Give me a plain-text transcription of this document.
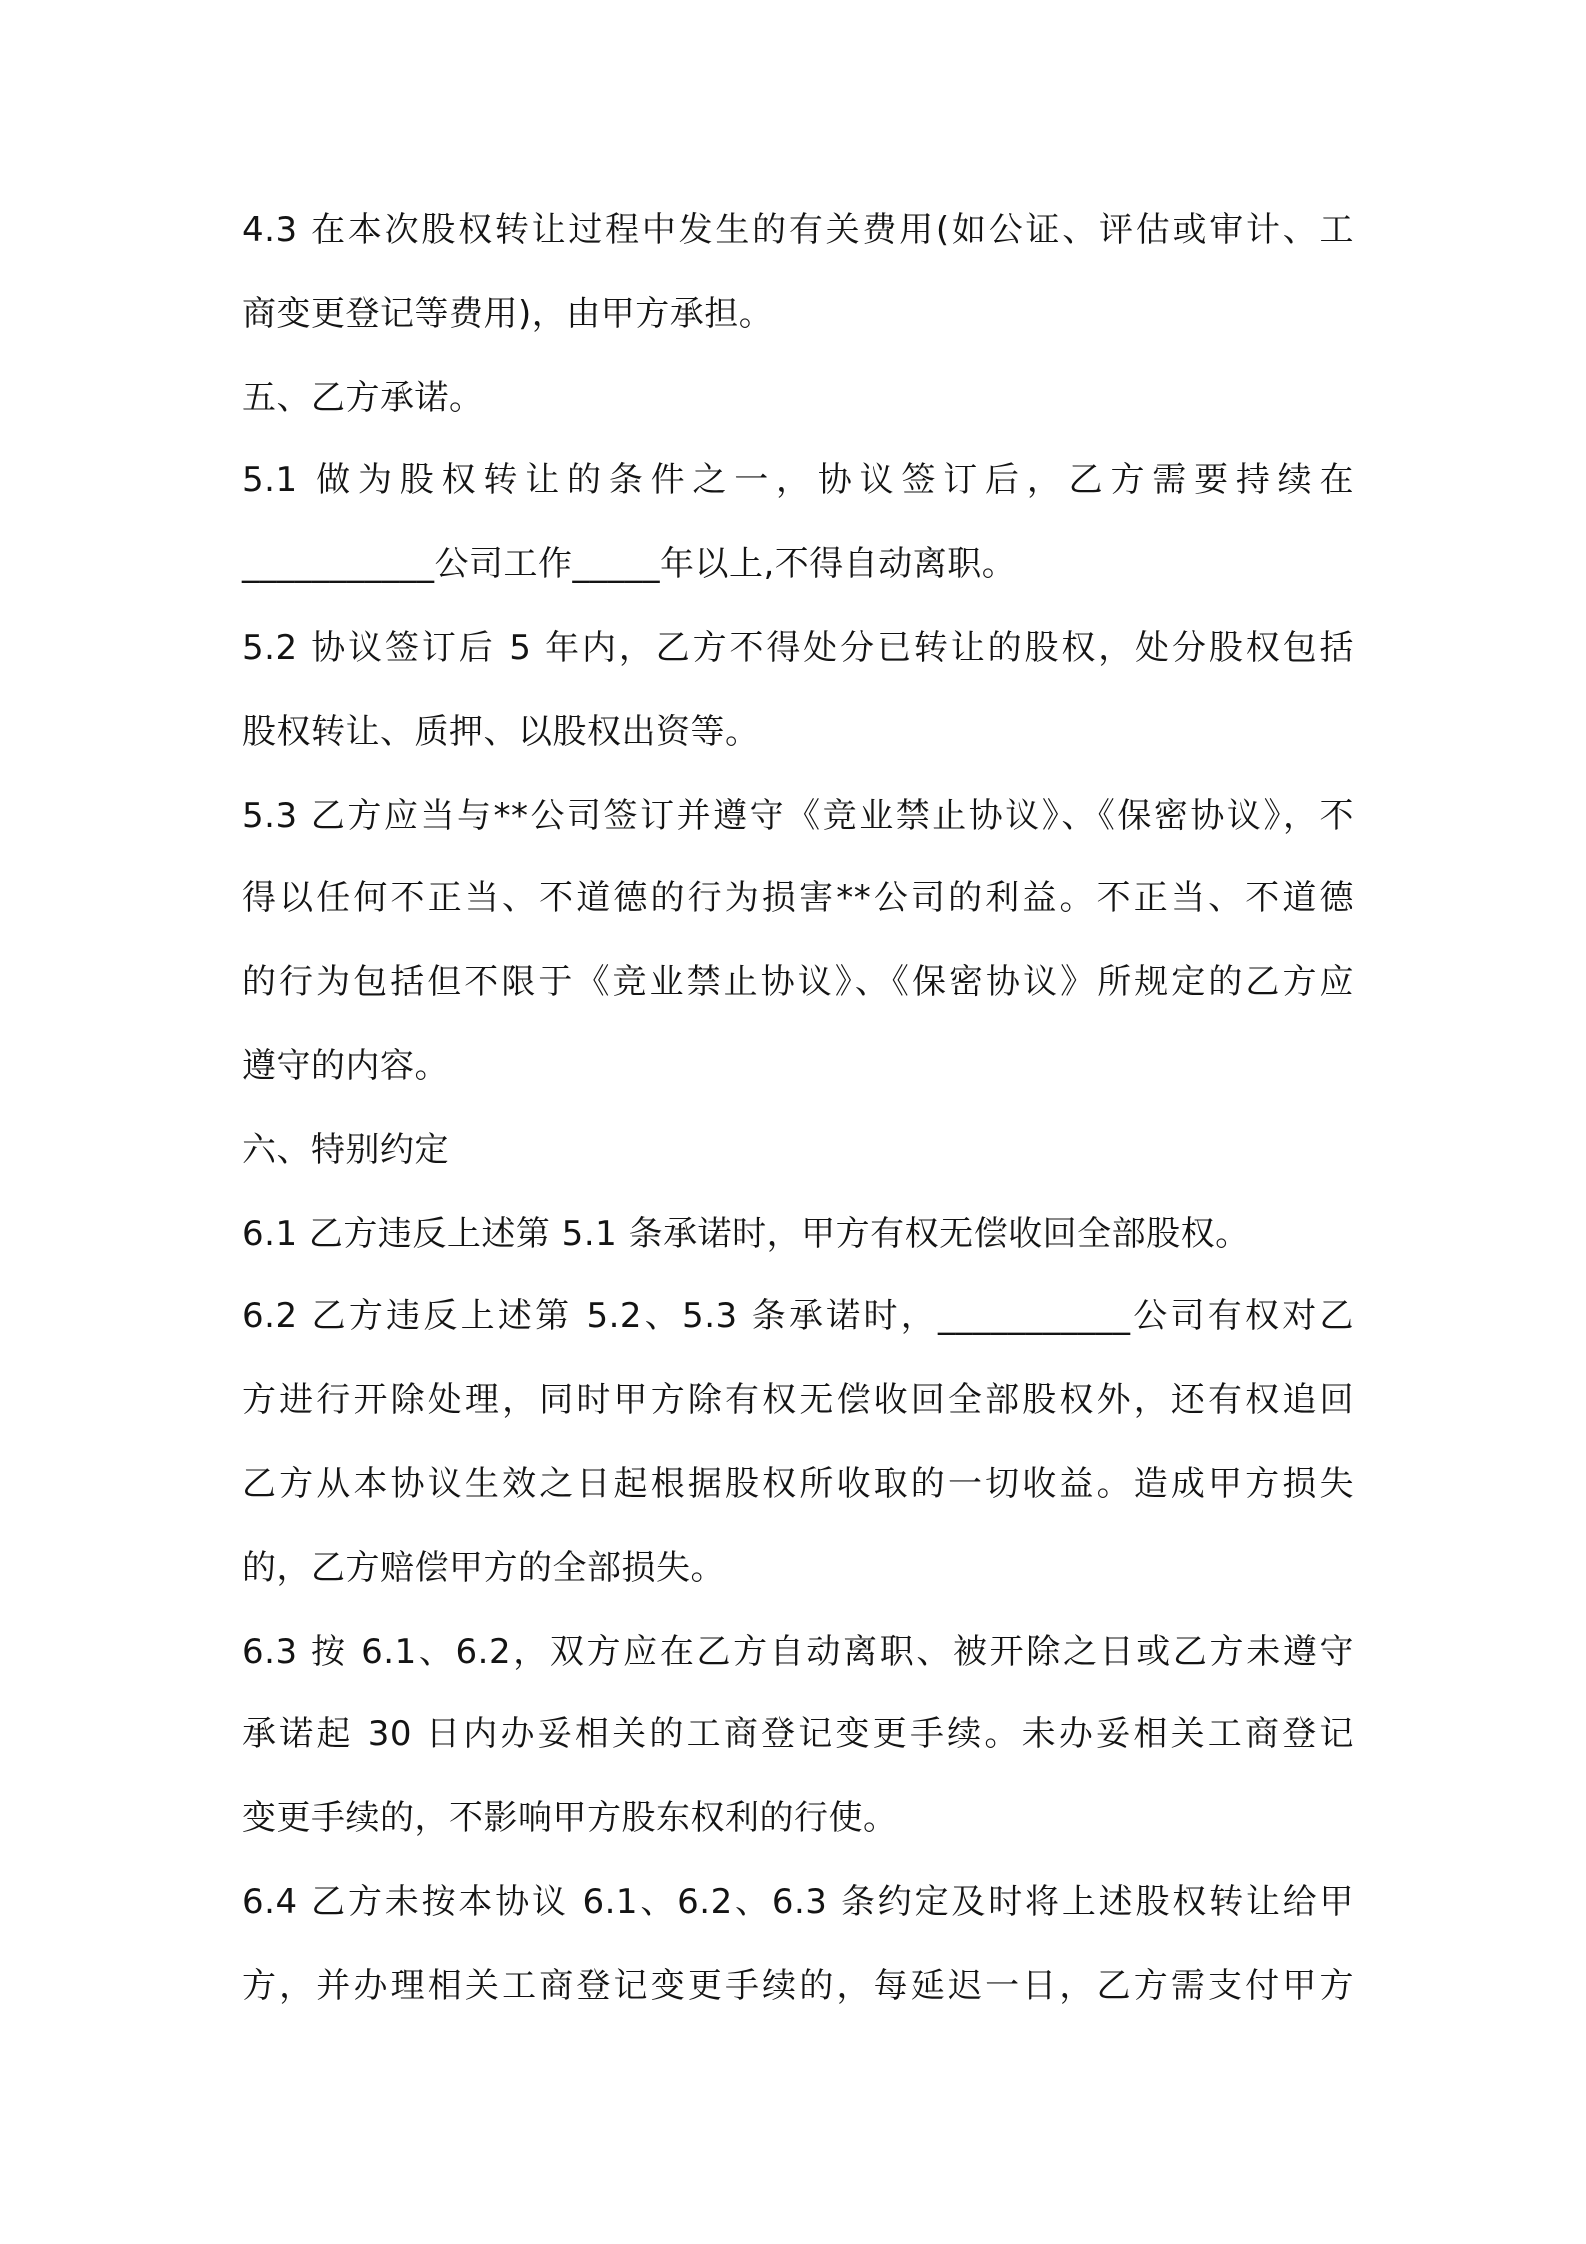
4.3 在本次股权转让过程中发生的有关费用(如公证、评估或审计、工
商变更登记等费用)，由甲方承担。
五、乙方承诺。
5.1 做为股权转让的条件之一，协议签订后，乙方需要持续在
___________公司工作_____年以上,不得自动离职。
5.2 协议签订后 5 年内，乙方不得处分已转让的股权，处分股权包括
股权转让、质押、以股权出资等。
5.3 乙方应当与**公司签订并遵守《竞业禁止协议》、《保密协议》，不
得以任何不正当、不道德的行为损害**公司的利益。不正当、不道德
的行为包括但不限于《竞业禁止协议》、《保密协议》所规定的乙方应
遵守的内容。
六、特别约定
6.1 乙方违反上述第 5.1 条承诺时，甲方有权无偿收回全部股权。
6.2 乙方违反上述第 5.2、5.3 条承诺时，___________公司有权对乙
方进行开除处理，同时甲方除有权无偿收回全部股权外，还有权追回
乙方从本协议生效之日起根据股权所收取的一切收益。造成甲方损失
的，乙方赔偿甲方的全部损失。
6.3 按 6.1、6.2，双方应在乙方自动离职、被开除之日或乙方未遵守
承诺起 30 日内办妥相关的工商登记变更手续。未办妥相关工商登记
变更手续的，不影响甲方股东权利的行使。
6.4 乙方未按本协议 6.1、6.2、6.3 条约定及时将上述股权转让给甲
方，并办理相关工商登记变更手续的，每延迟一日，乙方需支付甲方
